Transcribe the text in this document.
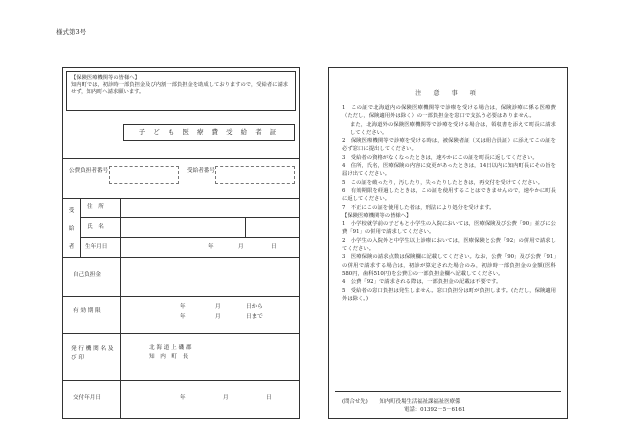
様式第3号
【保険医療機関等の皆様へ】
知内町では，初診時一部負担金及び内割一部負担金を助成しておりますので，受給者に請求せず，知内町へ請求願います。
子 ど も 医 療 費 受 給 者 証
公費負担者番号	受給者番号
受給者
住　所
氏　名
生年月日	年	月	日
自己負担金
有 効 期 限
年	月	日から
年	月	日まで
発 行 機 関 名 及 び 印
北 海 道 上 磯 郡
知　内　町　長
交付年月日	年	月	日
注 意 事 項

1　この証で北海道内の保険医療機関等で診療を受ける場合は，保険診療に係る医療費（ただし，保険適用外は除く）の一部負担金を窓口で支払う必要はありません。

また，北海道外の保険医療機関等で診療を受ける場合は，領収書を添えて町長に請求してください。

2　保険医療機関等で診療を受ける時は，被保険者証（又は組合員証）に添えてこの証を必ず窓口に提出してください。

3　受給者の資格がなくなったときは，速やかにこの証を町長に返してください。

4　住所，氏名，医療保険の内容に変更があったときは，14日以内に知内町長にその旨を届け出てください。

5　この証を破ったり，汚したり，失ったりしたときは，再交付を受けてください。

6　有効期限を経過したときは，この証を使用することはできませんので，速やかに町長に返してください。

7　不正にこの証を使用した者は，刑法により処分を受けます。

【保険医療機関等の皆様へ】

1　小学校就学前の子どもと小学生の入院においては，医療保険及び公費「90」並びに公費「91」の併用で請求してください。

2　小学生の入院外と中学生以上診療においては，医療保険と公費「92」の併用で請求してください。

3　医療保険の請求点数は保険欄に記載してください。なお，公費「90」及び公費「91」の併用で請求する場合は，初診が算定された場合のみ，初診時一部負担金の金額(医科580円，歯科510円)を公費①の一部負担金欄へ記載してください。

4　公費「92」で請求される際は，一部負担金の記載は不要です。

5　受給者の窓口負担は発生しません。窓口負担分は町が負担します。(ただし，保険適用外は除く。)

(問合せ先) 知内町役場生活福祉課福祉医療係
電話：01392－5－6161
